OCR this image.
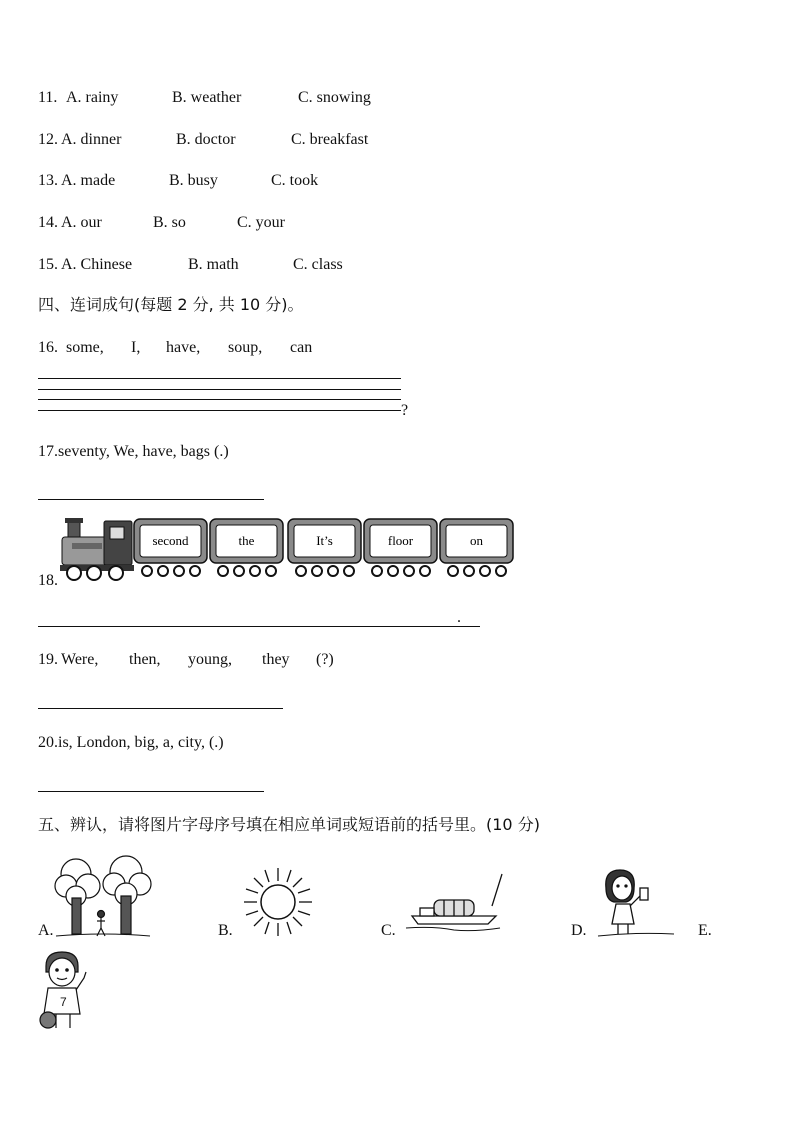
11. A. rainy	B. weather	C. snowing
12. A. dinner	B. doctor	C. breakfast
13. A. made	B. busy	C. took
14. A. our	B. so	C. your
15. A. Chinese	B. math	C. class
四、连词成句(每题 2 分, 共 10 分)。
16. some, I, have, soup, can
?
17.seventy, We, have, bags (.)
18.
second	the	It’s	floor	on
.
19. Were, then, young, they (?)
20.is, London, big, a, city, (.)
五、辨认，请将图片字母序号填在相应单词或短语前的括号里。(10 分)
A.	B.	C.	D.	E.
7
